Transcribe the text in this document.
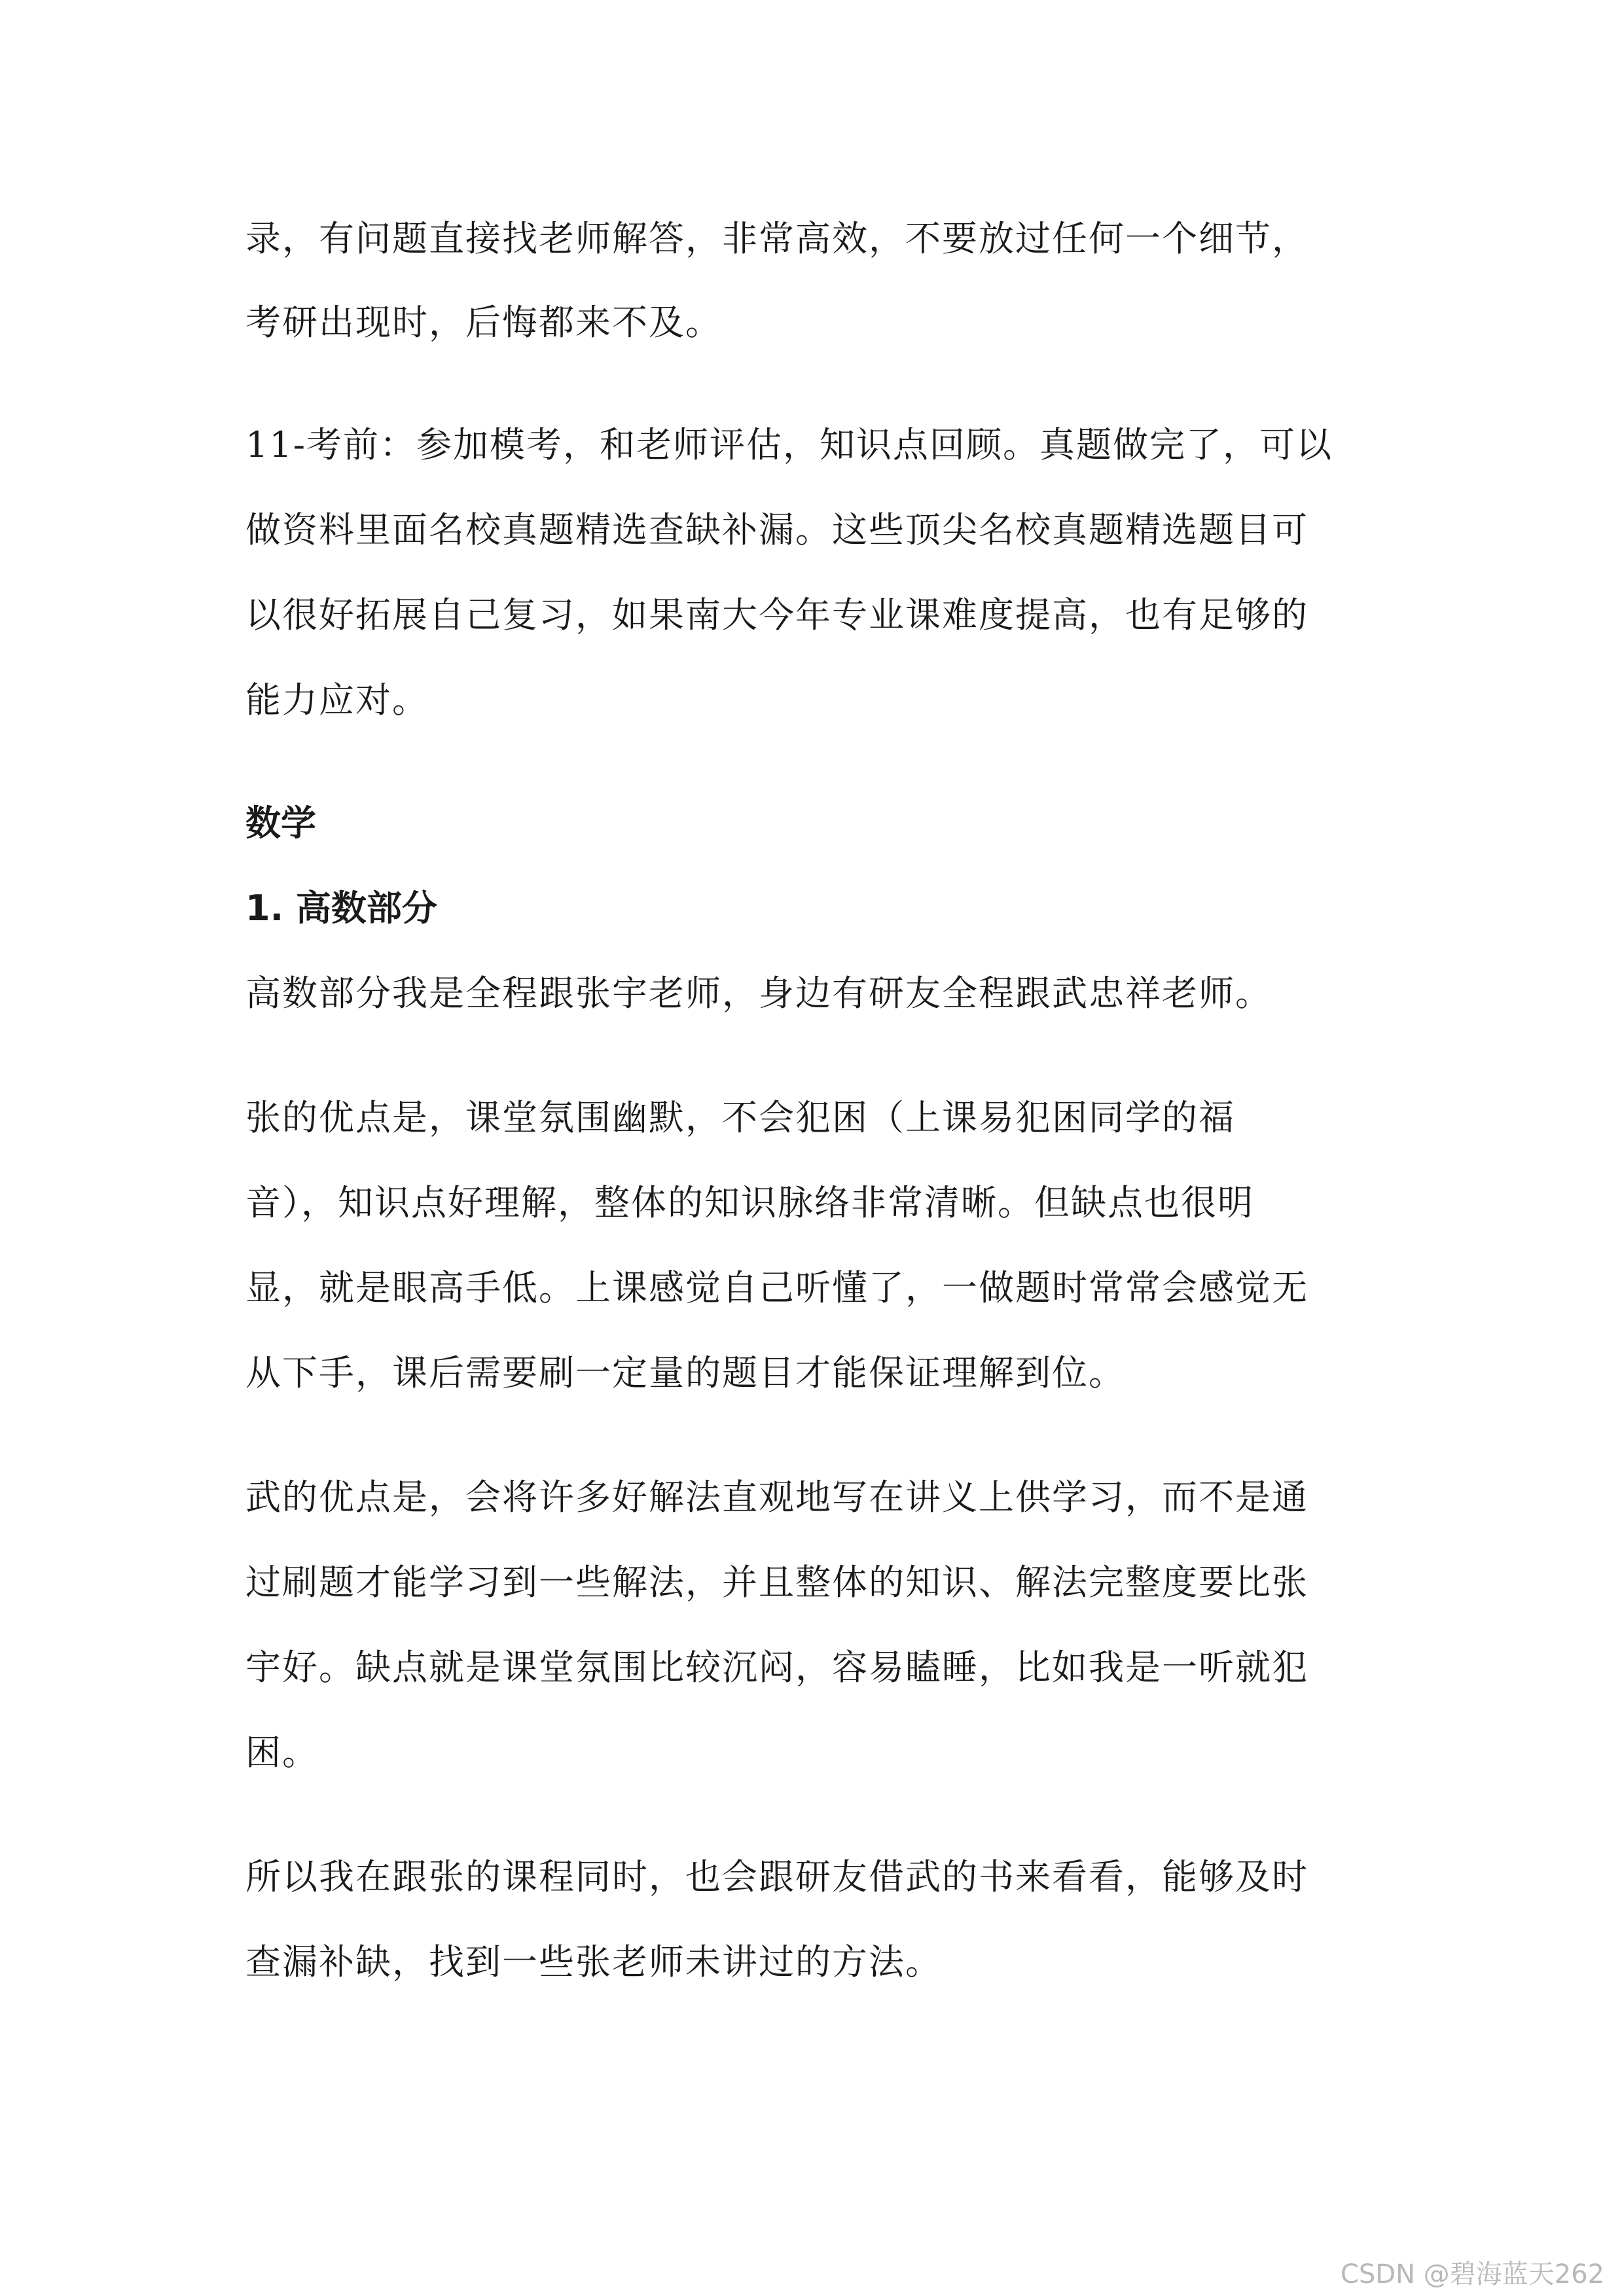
录，有问题直接找老师解答，非常高效，不要放过任何一个细节，
考研出现时，后悔都来不及。
11-考前：参加模考，和老师评估，知识点回顾。真题做完了，可以
做资料里面名校真题精选查缺补漏。这些顶尖名校真题精选题目可
以很好拓展自己复习，如果南大今年专业课难度提高，也有足够的
能力应对。
数学
1. 高数部分
高数部分我是全程跟张宇老师，身边有研友全程跟武忠祥老师。
张的优点是，课堂氛围幽默，不会犯困（上课易犯困同学的福
音），知识点好理解，整体的知识脉络非常清晰。但缺点也很明
显，就是眼高手低。上课感觉自己听懂了，一做题时常常会感觉无
从下手，课后需要刷一定量的题目才能保证理解到位。
武的优点是，会将许多好解法直观地写在讲义上供学习，而不是通
过刷题才能学习到一些解法，并且整体的知识、解法完整度要比张
宇好。缺点就是课堂氛围比较沉闷，容易瞌睡，比如我是一听就犯
困。
所以我在跟张的课程同时，也会跟研友借武的书来看看，能够及时
查漏补缺，找到一些张老师未讲过的方法。
CSDN @碧海蓝天262
